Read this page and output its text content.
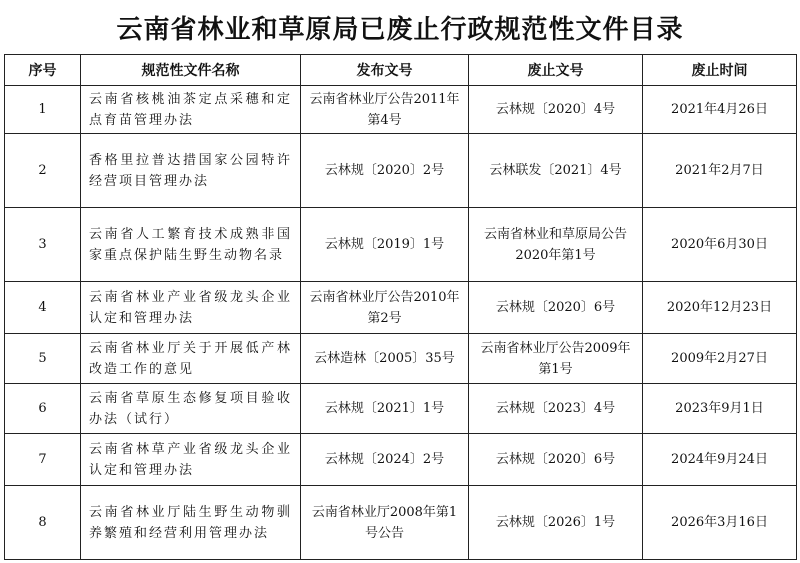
云南省林业和草原局已废止行政规范性文件目录
序号	规范性文件名称	发布文号	废止文号	废止时间
1	云南省核桃油茶定点采穗和定点育苗管理办法	云南省林业厅公告2011年第4号	云林规〔2020〕4号	2021年4月26日
2	香格里拉普达措国家公园特许经营项目管理办法	云林规〔2020〕2号	云林联发〔2021〕4号	2021年2月7日
3	云南省人工繁育技术成熟非国家重点保护陆生野生动物名录	云林规〔2019〕1号	云南省林业和草原局公告2020年第1号	2020年6月30日
4	云南省林业产业省级龙头企业认定和管理办法	云南省林业厅公告2010年第2号	云林规〔2020〕6号	2020年12月23日
5	云南省林业厅关于开展低产林改造工作的意见	云林造林〔2005〕35号	云南省林业厅公告2009年第1号	2009年2月27日
6	云南省草原生态修复项目验收办法（试行）	云林规〔2021〕1号	云林规〔2023〕4号	2023年9月1日
7	云南省林草产业省级龙头企业认定和管理办法	云林规〔2024〕2号	云林规〔2020〕6号	2024年9月24日
8	云南省林业厅陆生野生动物驯养繁殖和经营利用管理办法	云南省林业厅2008年第1号公告	云林规〔2026〕1号	2026年3月16日
